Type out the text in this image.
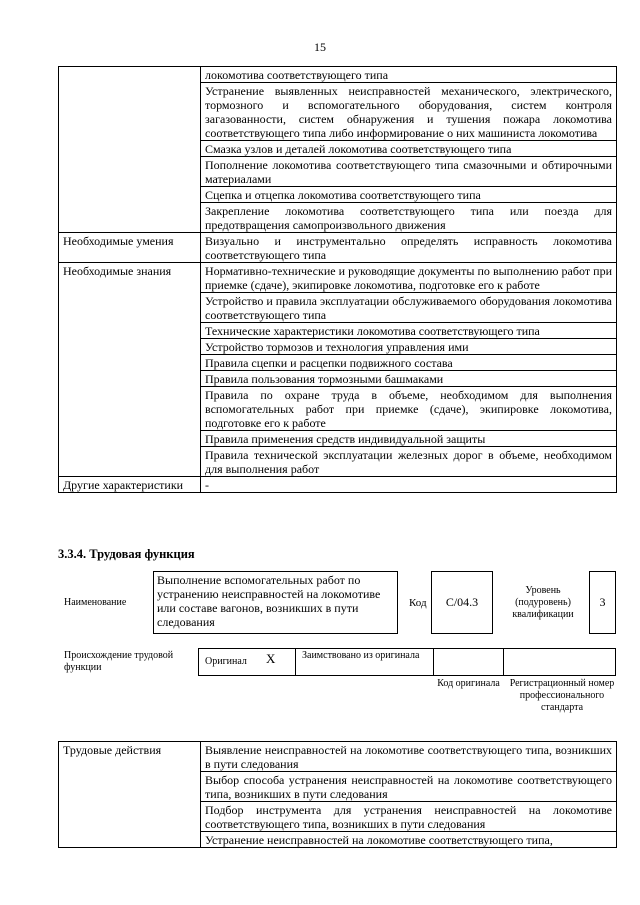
15
	локомотива соответствующего типа
	Устранение выявленных неисправностей механического, электрического, тормозного и вспомогательного оборудования, систем контроля загазованности, систем обнаружения и тушения пожара локомотива соответствующего типа либо информирование о них машиниста локомотива
	Смазка узлов и деталей локомотива соответствующего типа
	Пополнение локомотива соответствующего типа смазочными и обтирочными материалами
	Сцепка и отцепка локомотива соответствующего типа
	Закрепление локомотива соответствующего типа или поезда для предотвращения самопроизвольного движения
Необходимые умения	Визуально и инструментально определять исправность локомотива соответствующего типа
Необходимые знания	Нормативно-технические и руководящие документы по выполнению работ при приемке (сдаче), экипировке локомотива, подготовке его к работе
	Устройство и правила эксплуатации обслуживаемого оборудования локомотива соответствующего типа
	Технические характеристики локомотива соответствующего типа
	Устройство тормозов и технология управления ими
	Правила сцепки и расцепки подвижного состава
	Правила пользования тормозными башмаками
	Правила по охране труда в объеме, необходимом для выполнения вспомогательных работ при приемке (сдаче), экипировке локомотива, подготовке его к работе
	Правила применения средств индивидуальной защиты
	Правила технической эксплуатации железных дорог в объеме, необходимом для выполнения работ
Другие характеристики	-
3.3.4. Трудовая функция
Наименование
Выполнение вспомогательных работ по устранению неисправностей на локомотиве или составе вагонов, возникших в пути следования
Код	С/04.3
Уровень (подуровень) квалификации
3
Происхождение трудовой функции
Оригинал X	Заимствовано из оригинала
Код оригинала Регистрационный номер профессионального стандарта
Трудовые действия	Выявление неисправностей на локомотиве соответствующего типа, возникших в пути следования
Выбор способа устранения неисправностей на локомотиве соответствующего типа, возникших в пути следования
Подбор инструмента для устранения неисправностей на локомотиве соответствующего типа, возникших в пути следования
Устранение неисправностей на локомотиве соответствующего типа,
